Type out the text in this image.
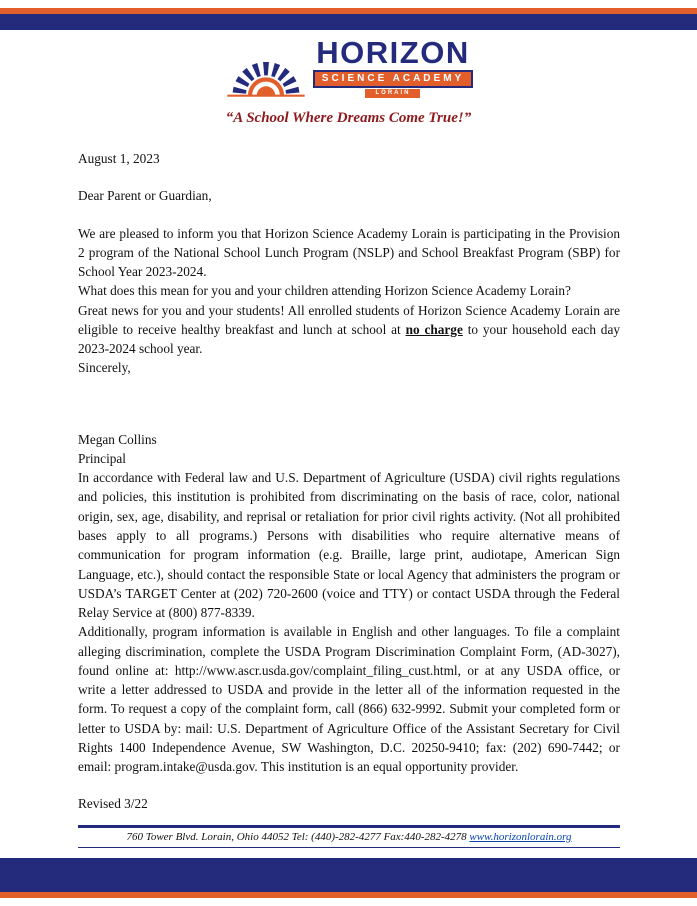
HORIZON
SCIENCE ACADEMY
LORAIN
“A School Where Dreams Come True!”

August 1, 2023

Dear Parent or Guardian,

We are pleased to inform you that Horizon Science Academy Lorain is participating in the Provision 2 program of the National School Lunch Program (NSLP) and School Breakfast Program (SBP) for School Year 2023-2024.

What does this mean for you and your children attending Horizon Science Academy Lorain?

Great news for you and your students! All enrolled students of Horizon Science Academy Lorain are eligible to receive healthy breakfast and lunch at school at no charge to your household each day 2023-2024 school year.

Sincerely,

Megan Collins

Principal

In accordance with Federal law and U.S. Department of Agriculture (USDA) civil rights regulations and policies, this institution is prohibited from discriminating on the basis of race, color, national origin, sex, age, disability, and reprisal or retaliation for prior civil rights activity. (Not all prohibited bases apply to all programs.) Persons with disabilities who require alternative means of communication for program information (e.g. Braille, large print, audiotape, American Sign Language, etc.), should contact the responsible State or local Agency that administers the program or USDA’s TARGET Center at (202) 720-2600 (voice and TTY) or contact USDA through the Federal Relay Service at (800) 877-8339.

Additionally, program information is available in English and other languages. To file a complaint alleging discrimination, complete the USDA Program Discrimination Complaint Form, (AD-3027), found online at: http://www.ascr.usda.gov/complaint_filing_cust.html, or at any USDA office, or write a letter addressed to USDA and provide in the letter all of the information requested in the form. To request a copy of the complaint form, call (866) 632-9992. Submit your completed form or letter to USDA by: mail: U.S. Department of Agriculture Office of the Assistant Secretary for Civil Rights 1400 Independence Avenue, SW Washington, D.C. 20250-9410; fax: (202) 690-7442; or email: program.intake@usda.gov. This institution is an equal opportunity provider.

Revised 3/22

760 Tower Blvd. Lorain, Ohio 44052 Tel: (440)-282-4277 Fax:440-282-4278 www.horizonlorain.org
